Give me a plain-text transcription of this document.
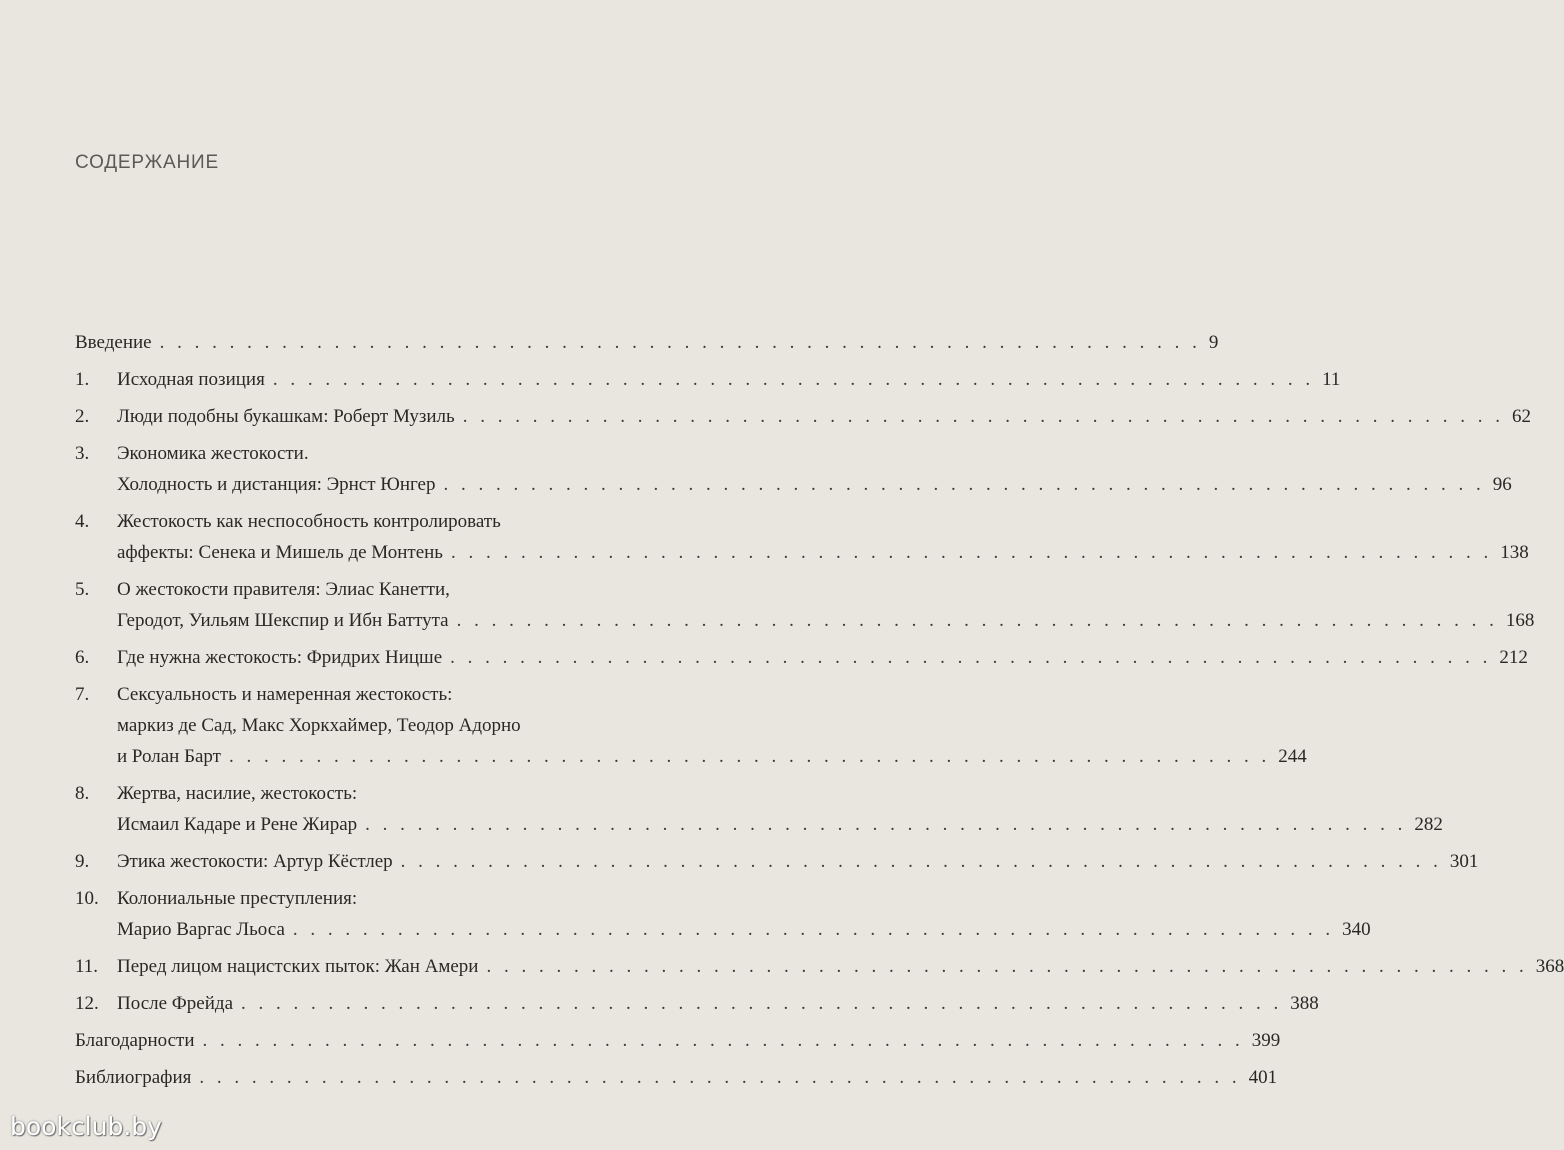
СОДЕРЖАНИЕ
Введение . . . . . . . . . . . . . . . . . . . . . . . . . . . . . . . . . . . . . . . . . . . . . . . . . . . . . . . . . . . . 9
1.	Исходная позиция . . . . . . . . . . . . . . . . . . . . . . . . . . . . . . . . . . . . . . . . . . . . . . . . . . . . . . . . . . . . 11
2.	Люди подобны букашкам: Роберт Музиль . . . . . . . . . . . . . . . . . . . . . . . . . . . . . . . . . . . . . . . . . . . . . . . . . . . . . . . . . . . . 62
3.	Экономика жестокости.
Холодность и дистанция: Эрнст Юнгер . . . . . . . . . . . . . . . . . . . . . . . . . . . . . . . . . . . . . . . . . . . . . . . . . . . . . . . . . . . . 96
4.	Жестокость как неспособность контролировать
аффекты: Сенека и Мишель де Монтень . . . . . . . . . . . . . . . . . . . . . . . . . . . . . . . . . . . . . . . . . . . . . . . . . . . . . . . . . . . . 138
5.	О жестокости правителя: Элиас Канетти,
Геродот, Уильям Шекспир и Ибн Баттута . . . . . . . . . . . . . . . . . . . . . . . . . . . . . . . . . . . . . . . . . . . . . . . . . . . . . . . . . . . . 168
6.	Где нужна жестокость: Фридрих Ницше . . . . . . . . . . . . . . . . . . . . . . . . . . . . . . . . . . . . . . . . . . . . . . . . . . . . . . . . . . . . 212
7.	Сексуальность и намеренная жестокость:
маркиз де Сад, Макс Хоркхаймер, Теодор Адорно
и Ролан Барт . . . . . . . . . . . . . . . . . . . . . . . . . . . . . . . . . . . . . . . . . . . . . . . . . . . . . . . . . . . . 244
8.	Жертва, насилие, жестокость:
Исмаил Кадаре и Рене Жирар . . . . . . . . . . . . . . . . . . . . . . . . . . . . . . . . . . . . . . . . . . . . . . . . . . . . . . . . . . . . 282
9.	Этика жестокости: Артур Кёстлер . . . . . . . . . . . . . . . . . . . . . . . . . . . . . . . . . . . . . . . . . . . . . . . . . . . . . . . . . . . . 301
10. Колониальные преступления:
Марио Варгас Льоса . . . . . . . . . . . . . . . . . . . . . . . . . . . . . . . . . . . . . . . . . . . . . . . . . . . . . . . . . . . . 340
11. Перед лицом нацистских пыток: Жан Амери . . . . . . . . . . . . . . . . . . . . . . . . . . . . . . . . . . . . . . . . . . . . . . . . . . . . . . . . . . . . 368
12. После Фрейда . . . . . . . . . . . . . . . . . . . . . . . . . . . . . . . . . . . . . . . . . . . . . . . . . . . . . . . . . . . . 388
Благодарности . . . . . . . . . . . . . . . . . . . . . . . . . . . . . . . . . . . . . . . . . . . . . . . . . . . . . . . . . . . . 399
Библиография . . . . . . . . . . . . . . . . . . . . . . . . . . . . . . . . . . . . . . . . . . . . . . . . . . . . . . . . . . . . 401
bookclub.by
